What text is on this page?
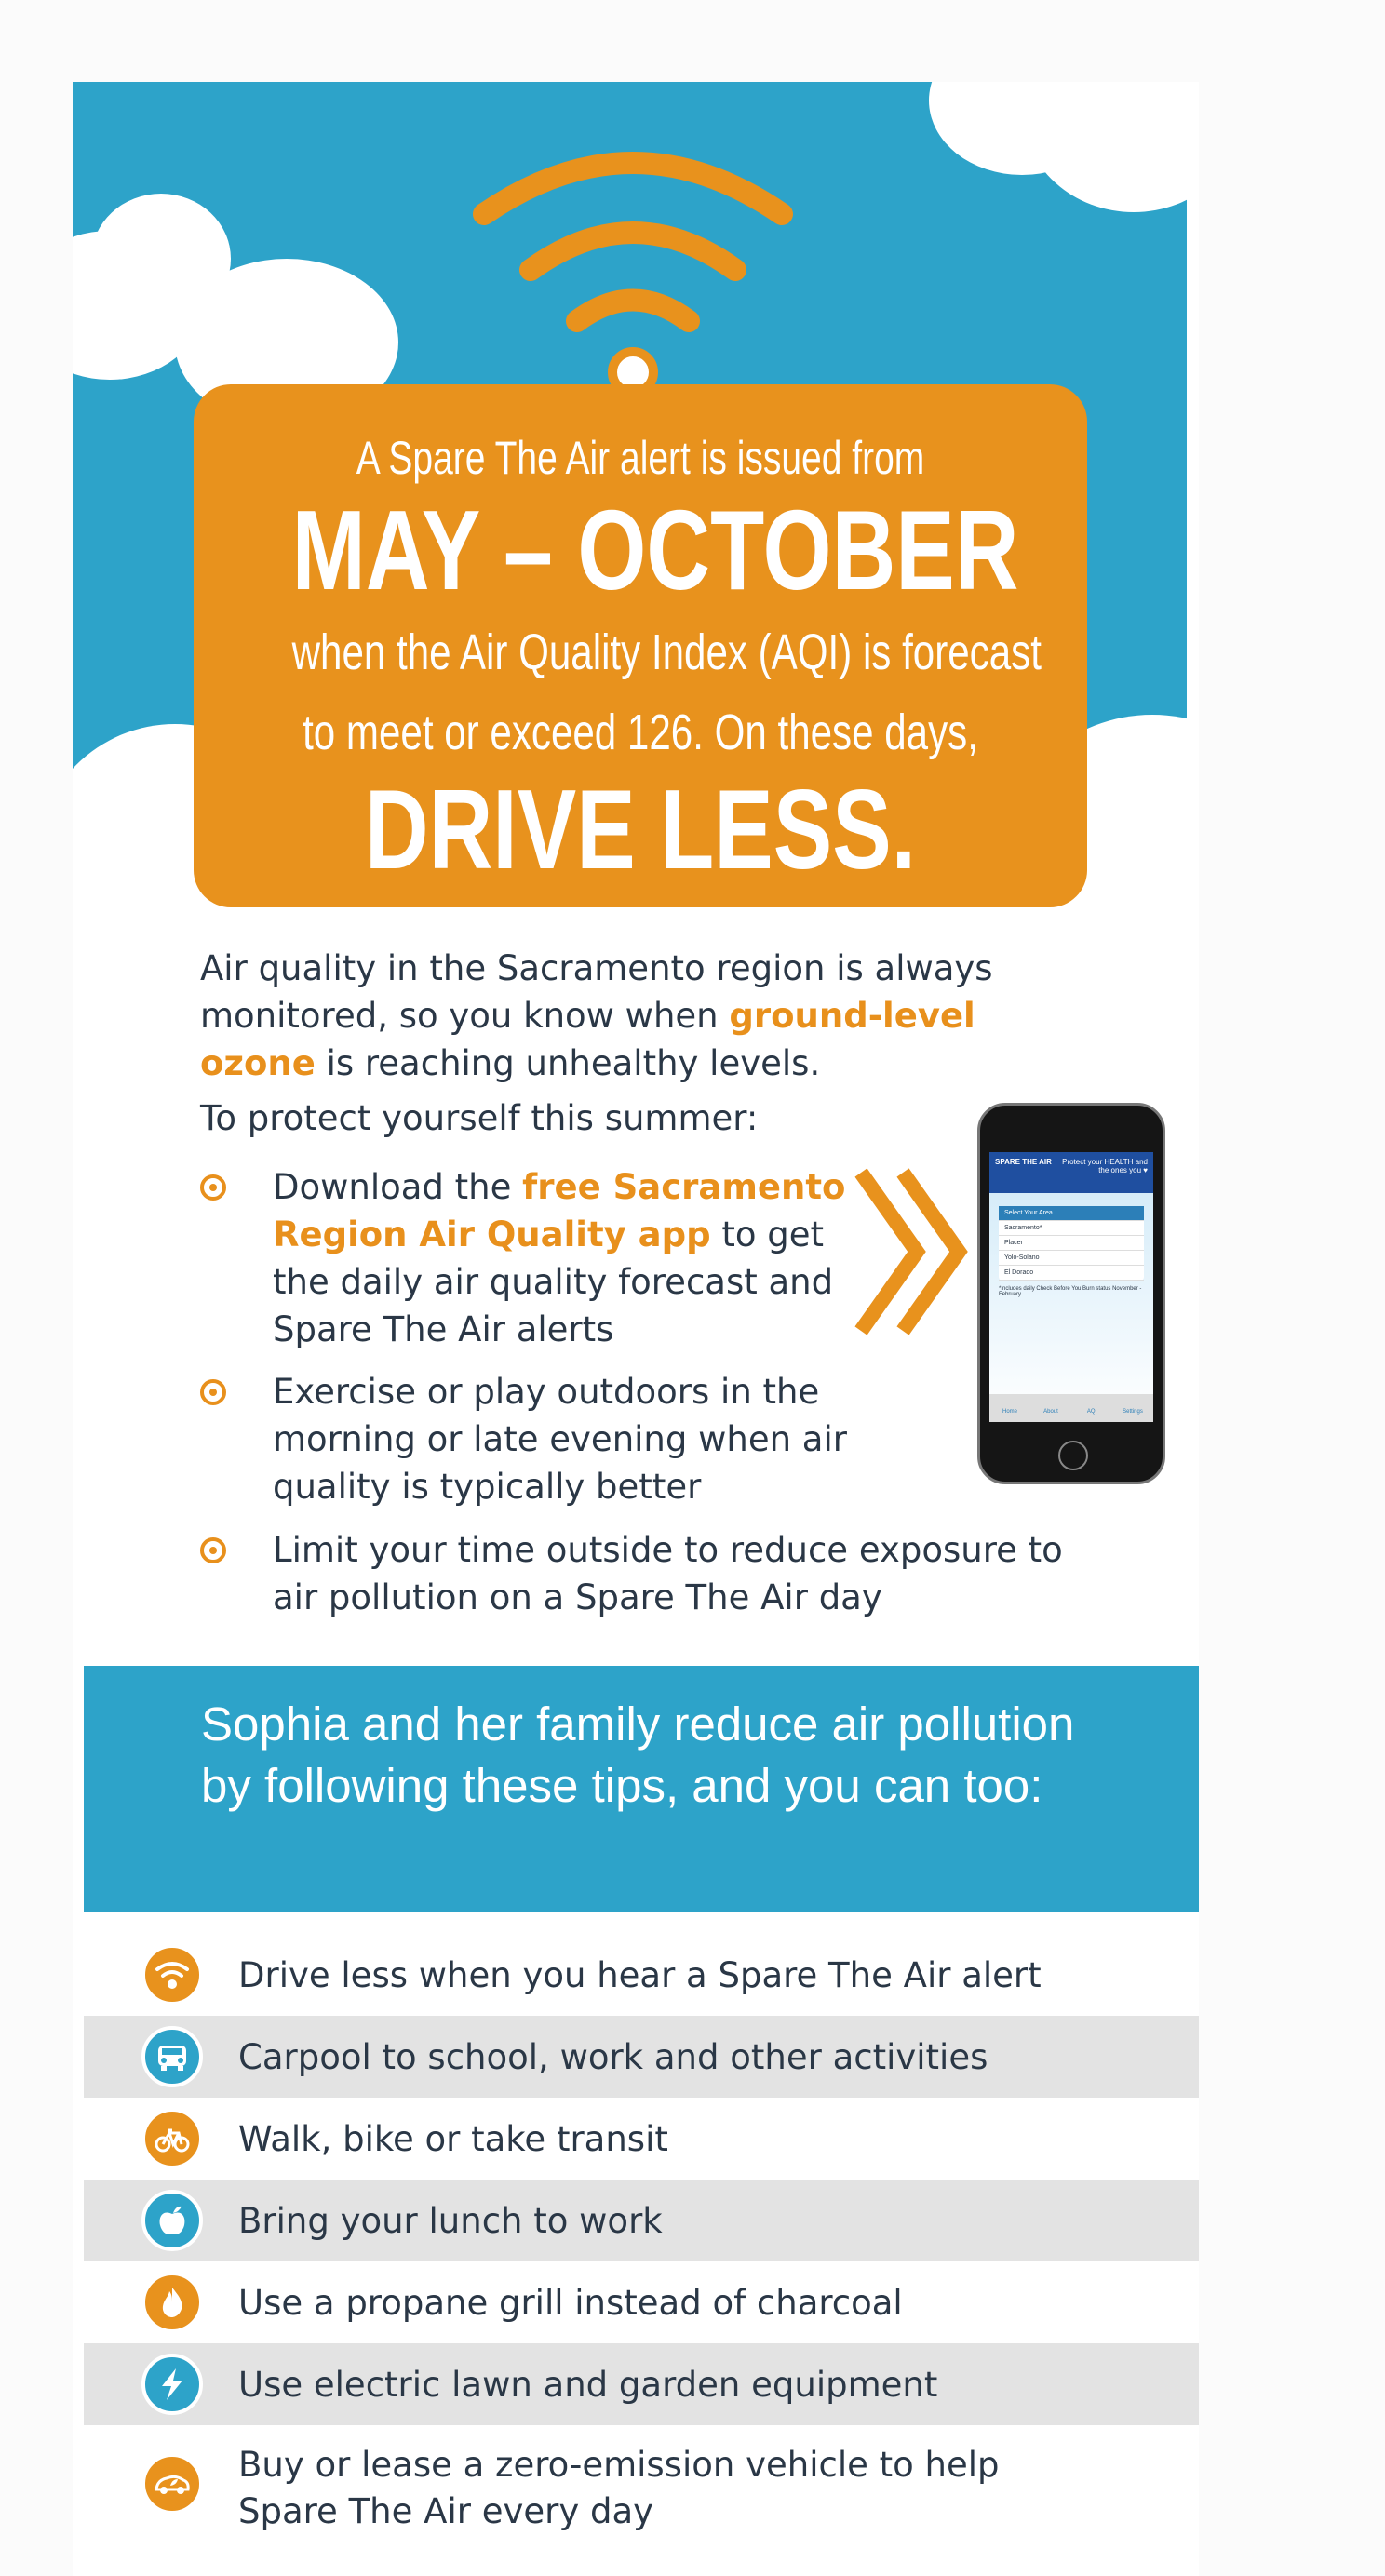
A Spare The Air alert is issued from
MAY – OCTOBER
when the Air Quality Index (AQI) is forecast
to meet or exceed 126. On these days,
DRIVE LESS.

Air quality in the Sacramento region is always monitored, so you know when ground-level ozone is reaching unhealthy levels.

To protect yourself this summer:

Download the free Sacramento Region Air Quality app to get the daily air quality forecast and Spare The Air alerts
Exercise or play outdoors in the morning or late evening when air quality is typically better
Limit your time outside to reduce exposure to air pollution on a Spare The Air day
SPARE THE AIR Protect your HEALTH and the ones you ♥
Select Your Area
Sacramento*
Placer
Yolo-Solano
El Dorado
*Includes daily Check Before You Burn status November - February
Home	About	AQI	Settings

Sophia and her family reduce air pollution by following these tips, and you can too:

Drive less when you hear a Spare The Air alert
Carpool to school, work and other activities
Walk, bike or take transit
Bring your lunch to work
Use a propane grill instead of charcoal
Use electric lawn and garden equipment
Buy or lease a zero-emission vehicle to help Spare The Air every day
